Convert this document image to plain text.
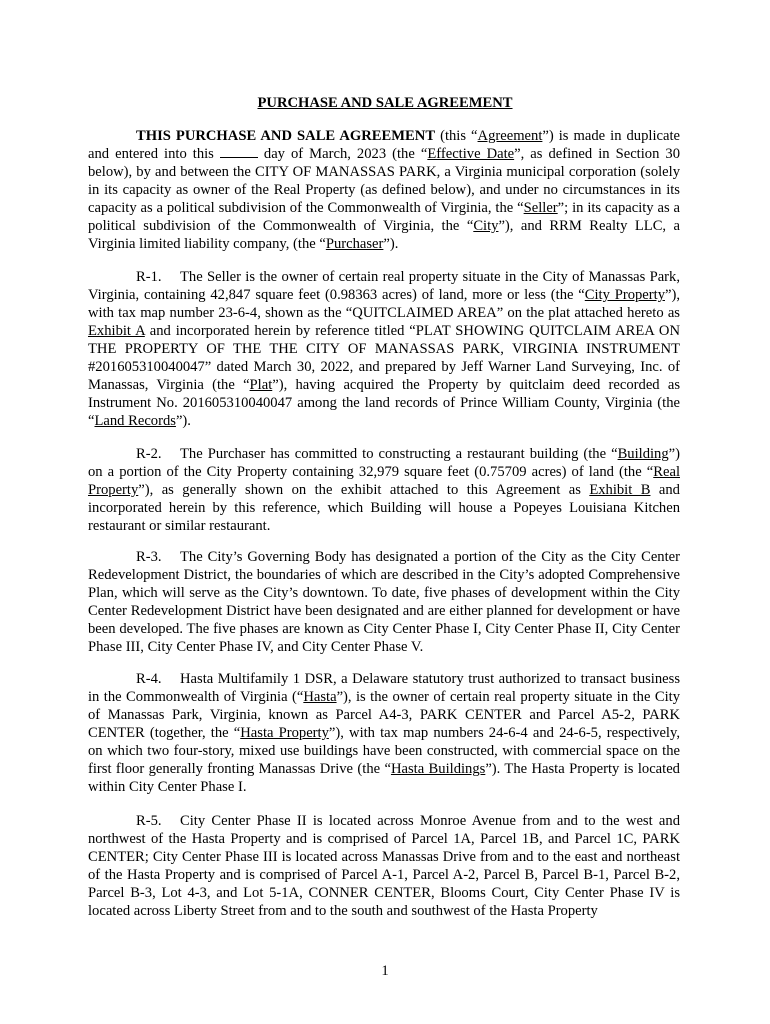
PURCHASE AND SALE AGREEMENT

THIS PURCHASE AND SALE AGREEMENT (this “Agreement”) is made in duplicate and entered into this	day of March, 2023 (the “Effective Date”, as defined in Section 30 below), by and between the CITY OF MANASSAS PARK, a Virginia municipal corporation (solely in its capacity as owner of the Real Property (as defined below), and under no circumstances in its capacity as a political subdivision of the Commonwealth of Virginia, the “Seller”; in its capacity as a political subdivision of the Commonwealth of Virginia, the “City”), and RRM Realty LLC, a Virginia limited liability company, (the “Purchaser”).

R-1. The Seller is the owner of certain real property situate in the City of Manassas Park, Virginia, containing 42,847 square feet (0.98363 acres) of land, more or less (the “City Property”), with tax map number 23-6-4, shown as the “QUITCLAIMED AREA” on the plat attached hereto as Exhibit A and incorporated herein by reference titled “PLAT SHOWING QUITCLAIM AREA ON THE PROPERTY OF THE THE CITY OF MANASSAS PARK, VIRGINIA INSTRUMENT #201605310040047” dated March 30, 2022, and prepared by Jeff Warner Land Surveying, Inc. of Manassas, Virginia (the “Plat”), having acquired the Property by quitclaim deed recorded as Instrument No. 201605310040047 among the land records of Prince William County, Virginia (the “Land Records”).

R-2. The Purchaser has committed to constructing a restaurant building (the “Building”) on a portion of the City Property containing 32,979 square feet (0.75709 acres) of land (the “Real Property”), as generally shown on the exhibit attached to this Agreement as Exhibit B and incorporated herein by this reference, which Building will house a Popeyes Louisiana Kitchen restaurant or similar restaurant.

R-3. The City’s Governing Body has designated a portion of the City as the City Center Redevelopment District, the boundaries of which are described in the City’s adopted Comprehensive Plan, which will serve as the City’s downtown. To date, five phases of development within the City Center Redevelopment District have been designated and are either planned for development or have been developed. The five phases are known as City Center Phase I, City Center Phase II, City Center Phase III, City Center Phase IV, and City Center Phase V.

R-4. Hasta Multifamily 1 DSR, a Delaware statutory trust authorized to transact business in the Commonwealth of Virginia (“Hasta”), is the owner of certain real property situate in the City of Manassas Park, Virginia, known as Parcel A4-3, PARK CENTER and Parcel A5-2, PARK CENTER (together, the “Hasta Property”), with tax map numbers 24-6-4 and 24-6-5, respectively, on which two four-story, mixed use buildings have been constructed, with commercial space on the first floor generally fronting Manassas Drive (the “Hasta Buildings”). The Hasta Property is located within City Center Phase I.

R-5. City Center Phase II is located across Monroe Avenue from and to the west and northwest of the Hasta Property and is comprised of Parcel 1A, Parcel 1B, and Parcel 1C, PARK CENTER; City Center Phase III is located across Manassas Drive from and to the east and northeast of the Hasta Property and is comprised of Parcel A-1, Parcel A-2, Parcel B, Parcel B-1, Parcel B-2, Parcel B-3, Lot 4-3, and Lot 5-1A, CONNER CENTER, Blooms Court, City Center Phase IV is located across Liberty Street from and to the south and southwest of the Hasta Property

1
